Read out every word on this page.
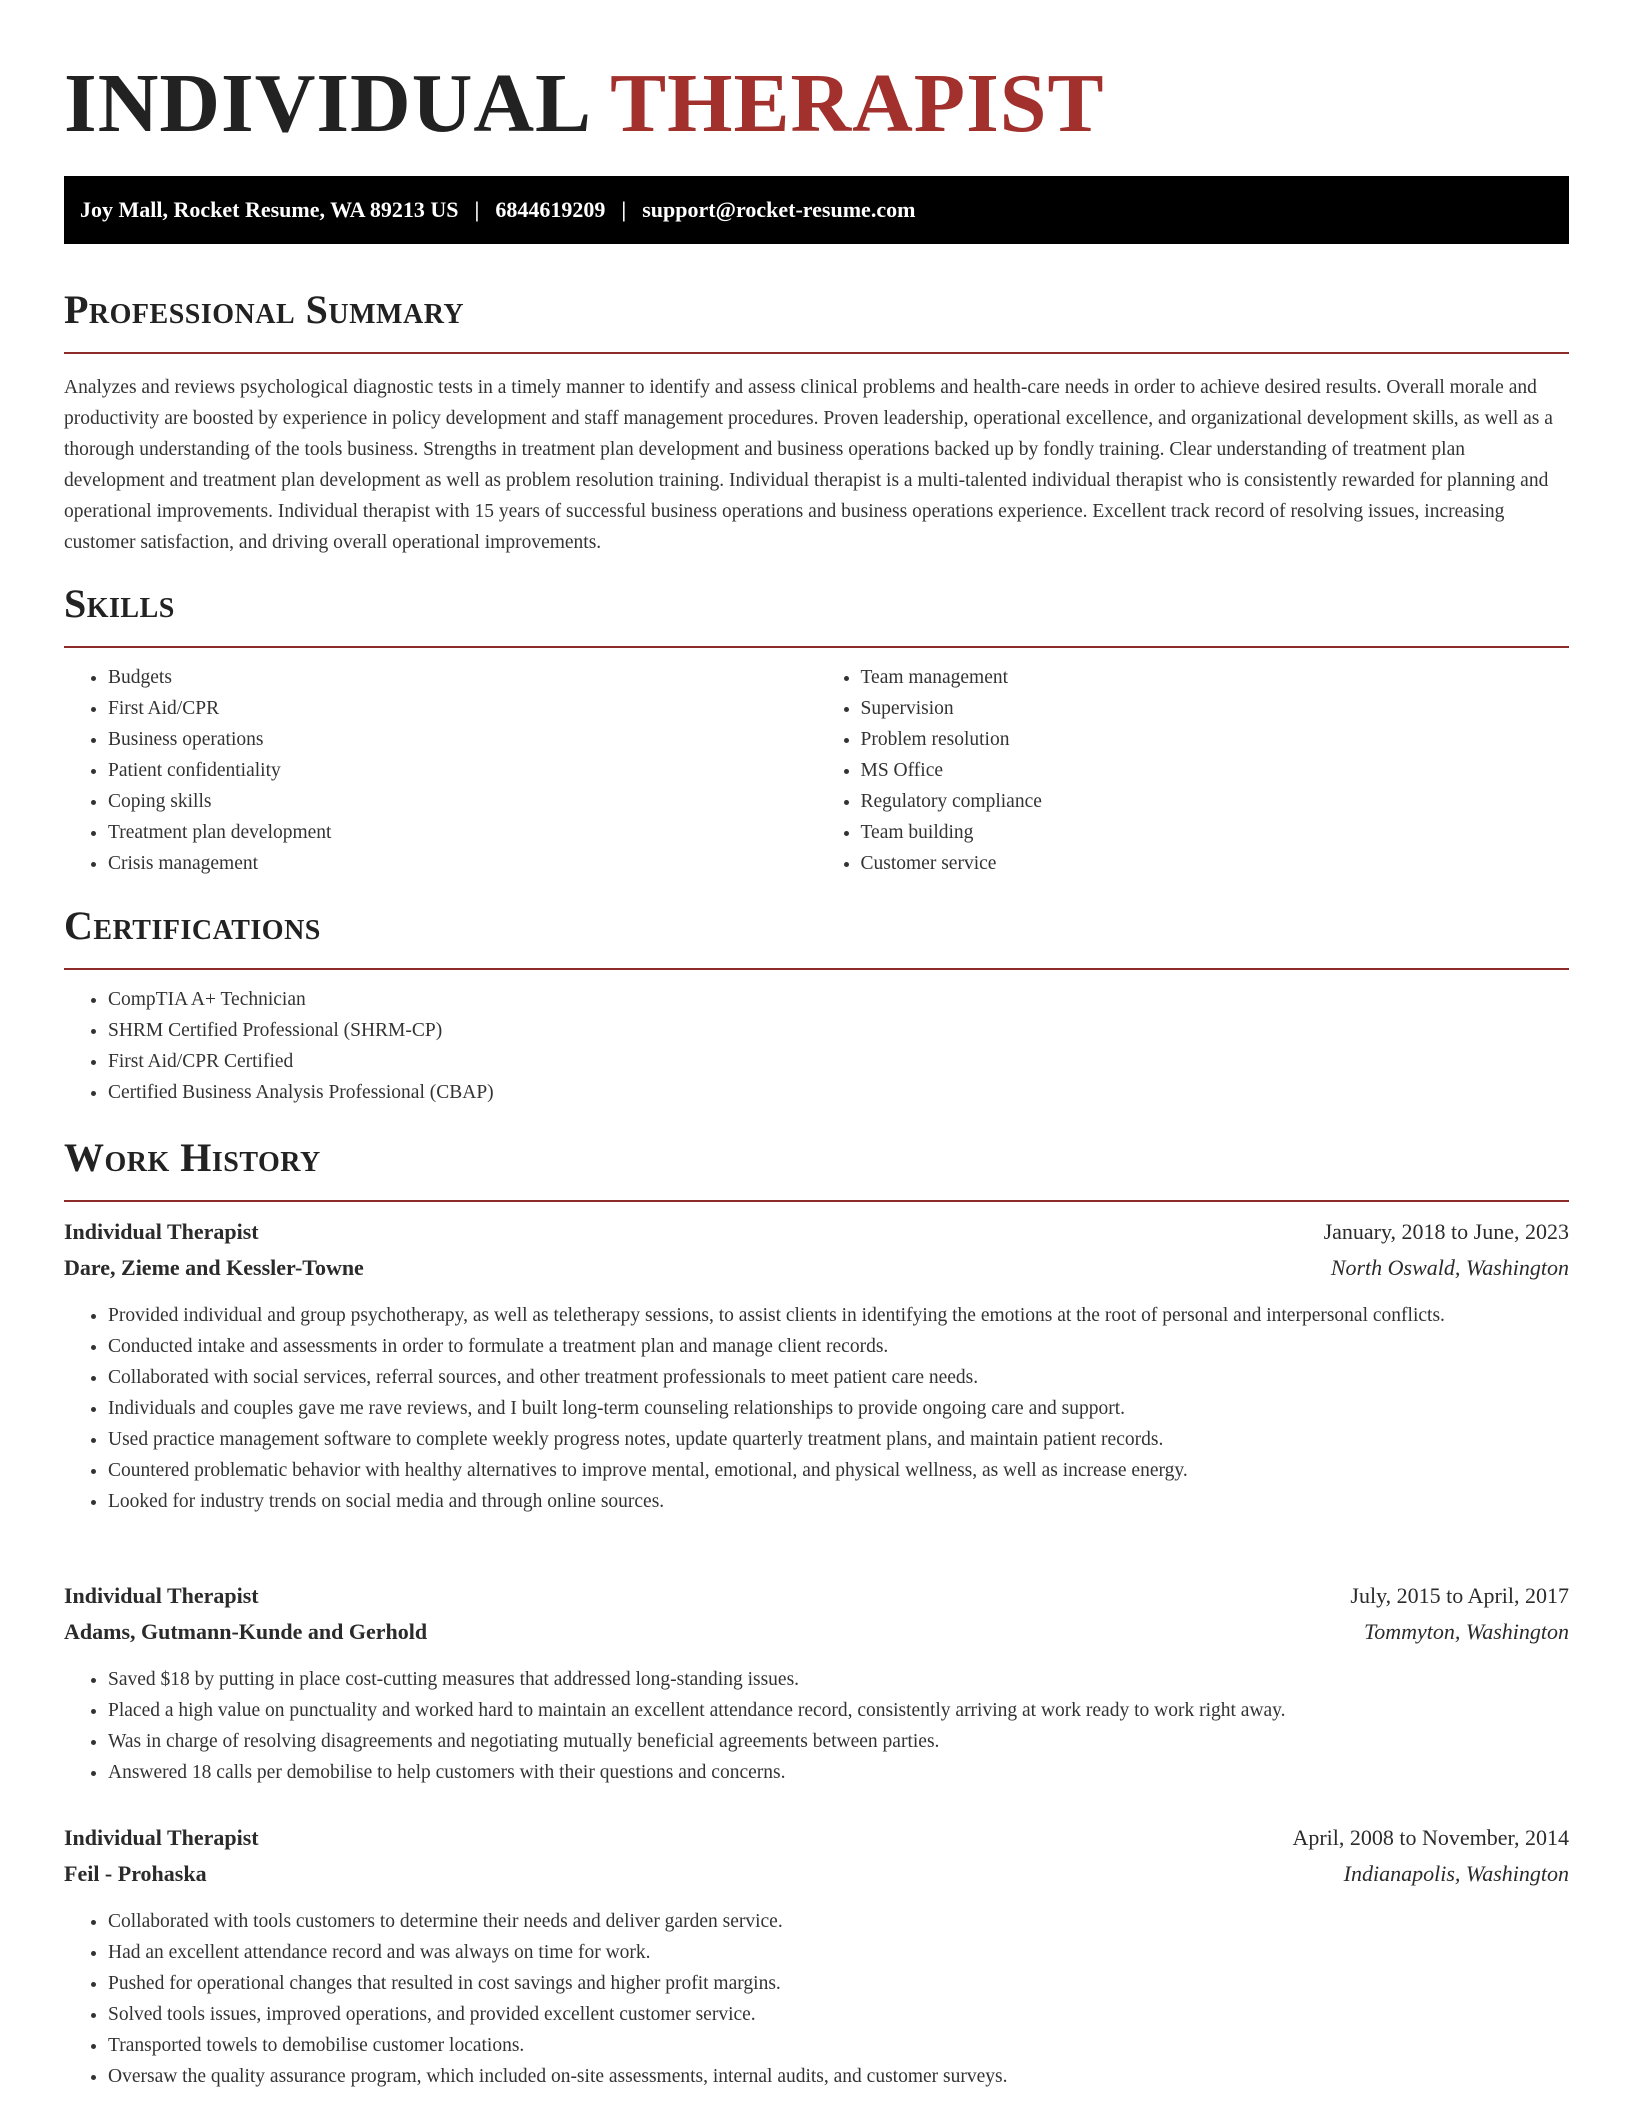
INDIVIDUAL THERAPIST
Joy Mall, Rocket Resume, WA 89213 US | 6844619209 | support@rocket-resume.com
Professional Summary

Analyzes and reviews psychological diagnostic tests in a timely manner to identify and assess clinical problems and health-care needs in order to achieve desired results. Overall morale and productivity are boosted by experience in policy development and staff management procedures. Proven leadership, operational excellence, and organizational development skills, as well as a thorough understanding of the tools business. Strengths in treatment plan development and business operations backed up by fondly training. Clear understanding of treatment plan development and treatment plan development as well as problem resolution training. Individual therapist is a multi-talented individual therapist who is consistently rewarded for planning and operational improvements. Individual therapist with 15 years of successful business operations and business operations experience. Excellent track record of resolving issues, increasing customer satisfaction, and driving overall operational improvements.

Skills
• Budgets
• First Aid/CPR
• Business operations
• Patient confidentiality
• Coping skills
• Treatment plan development
• Crisis management
• Team management
• Supervision
• Problem resolution
• MS Office
• Regulatory compliance
• Team building
• Customer service
Certifications
• CompTIA A+ Technician
• SHRM Certified Professional (SHRM-CP)
• First Aid/CPR Certified
• Certified Business Analysis Professional (CBAP)
Work History
Individual Therapist	January, 2018 to June, 2023
Dare, Zieme and Kessler-Towne	North Oswald, Washington
• Provided individual and group psychotherapy, as well as teletherapy sessions, to assist clients in identifying the emotions at the root of personal and interpersonal conflicts.
• Conducted intake and assessments in order to formulate a treatment plan and manage client records.
• Collaborated with social services, referral sources, and other treatment professionals to meet patient care needs.
• Individuals and couples gave me rave reviews, and I built long-term counseling relationships to provide ongoing care and support.
• Used practice management software to complete weekly progress notes, update quarterly treatment plans, and maintain patient records.
• Countered problematic behavior with healthy alternatives to improve mental, emotional, and physical wellness, as well as increase energy.
• Looked for industry trends on social media and through online sources.
Individual Therapist	July, 2015 to April, 2017
Adams, Gutmann-Kunde and Gerhold	Tommyton, Washington
• Saved $18 by putting in place cost-cutting measures that addressed long-standing issues.
• Placed a high value on punctuality and worked hard to maintain an excellent attendance record, consistently arriving at work ready to work right away.
• Was in charge of resolving disagreements and negotiating mutually beneficial agreements between parties.
• Answered 18 calls per demobilise to help customers with their questions and concerns.
Individual Therapist	April, 2008 to November, 2014
Feil - Prohaska	Indianapolis, Washington
• Collaborated with tools customers to determine their needs and deliver garden service.
• Had an excellent attendance record and was always on time for work.
• Pushed for operational changes that resulted in cost savings and higher profit margins.
• Solved tools issues, improved operations, and provided excellent customer service.
• Transported towels to demobilise customer locations.
• Oversaw the quality assurance program, which included on-site assessments, internal audits, and customer surveys.
